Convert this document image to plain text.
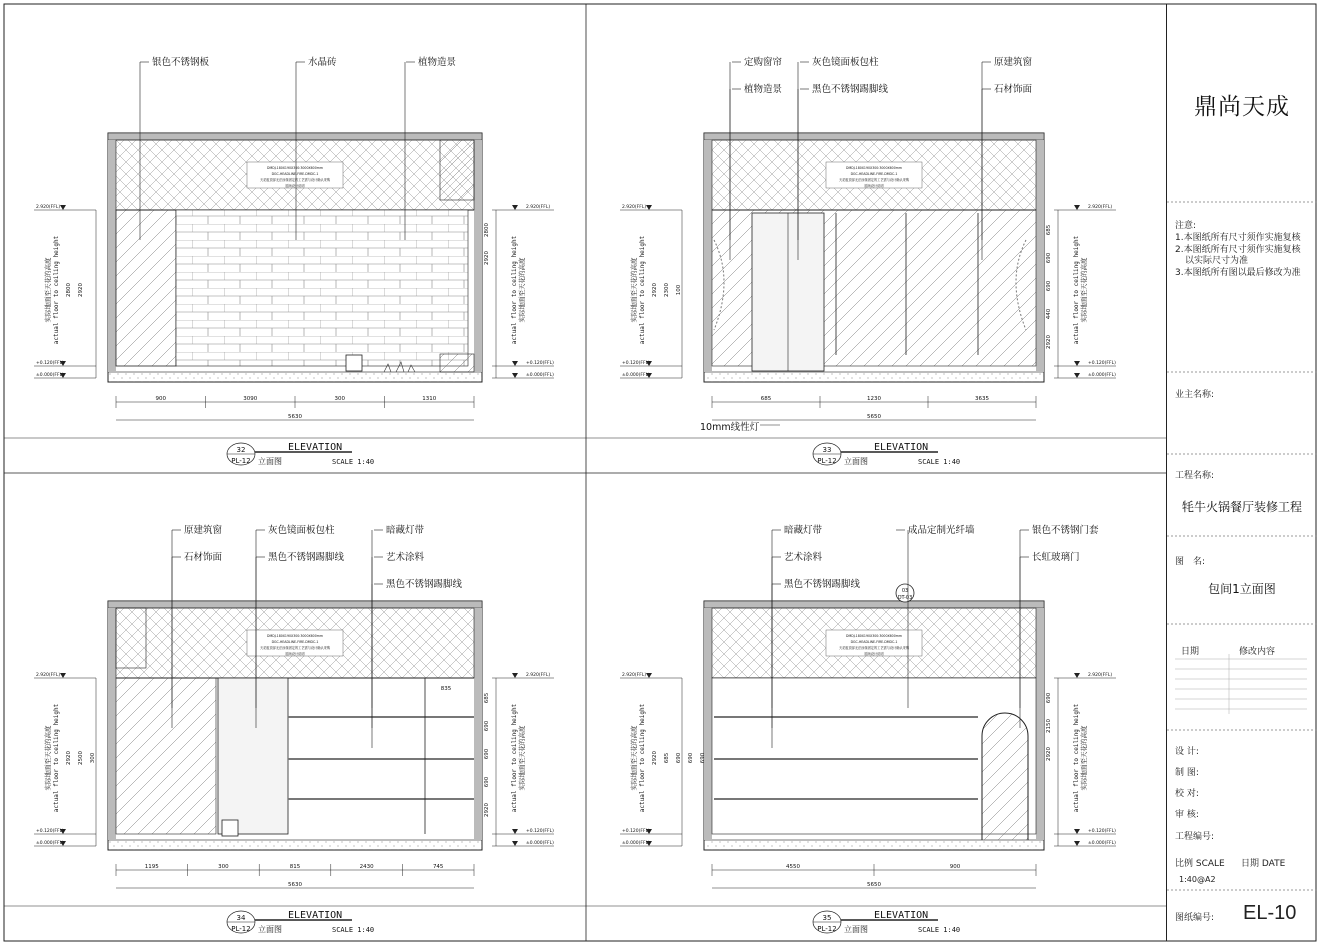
DMDJ-180X190X300:3000X600mm
DGC-HEADLINE-FIRE-DMDC-1
天花板顶部无法涂抹固定的工艺需与设计确认采购
剧场设计说明
银色不锈钢板	水晶砖	植物造景
2.920(FFL)	2.920(FFL)
+0.120(FFL)	+0.120(FFL)
±0.000(FFL)	±0.000(FFL)
实际地面至天花的高度 actual floor to ceiling height	actual floor to ceiling height 实际地面至天花的高度
2800 2920
2800
2920
900	3090	300	1310
5630
32
PL-12
ELEVATION
立面图	SCALE 1:40
DMDJ-180X190X300:3000X600mm
DGC-HEADLINE-FIRE-DMDC-1
天花板顶部无法涂抹固定的工艺需与设计确认采购
剧场设计说明
定购窗帘
植物造景
灰色镜面板包柱
黑色不锈钢踢脚线
原建筑窗
石材饰面
10mm线性灯
2.920(FFL)	2.920(FFL)
+0.120(FFL)	+0.120(FFL)
±0.000(FFL)	±0.000(FFL)
实际地面至天花的高度 actual floor to ceiling height	actual floor to ceiling height 实际地面至天花的高度
2920 2300 100
685
690
690
440
2920
685	1230	3635
5650
33
PL-12
ELEVATION
立面图	SCALE 1:40
DMDJ-180X190X300:3000X600mm
DGC-HEADLINE-FIRE-DMDC-1
天花板顶部无法涂抹固定的工艺需与设计确认采购
剧场设计说明
原建筑窗
石材饰面
灰色镜面板包柱
黑色不锈钢踢脚线
暗藏灯带
艺术涂料
黑色不锈钢踢脚线
2.920(FFL)	2.920(FFL)
+0.120(FFL)	+0.120(FFL)
±0.000(FFL)	±0.000(FFL)
实际地面至天花的高度 actual floor to ceiling height	actual floor to ceiling height 实际地面至天花的高度
2920 2500 300
685
690
690
690
2920
1195	300	815	2430	745
5630
835
34
PL-12
ELEVATION
立面图	SCALE 1:40
DMDJ-180X190X300:3000X600mm
DGC-HEADLINE-FIRE-DMDC-1
天花板顶部无法涂抹固定的工艺需与设计确认采购
剧场设计说明
03
DT-03
暗藏灯带
艺术涂料
黑色不锈钢踢脚线
成品定制光纤墙	银色不锈钢门套
长虹玻璃门
2.920(FFL)	2.920(FFL)
+0.120(FFL)	+0.120(FFL)
±0.000(FFL)	±0.000(FFL)
实际地面至天花的高度 actual floor to ceiling height	actual floor to ceiling height 实际地面至天花的高度
2920 685 690 690 690
690
2150
2920
4550	900
5650
35
PL-12
ELEVATION
立面图	SCALE 1:40
鼎尚天成
注意:
1.本图纸所有尺寸须作实施复核
2.本图纸所有尺寸须作实施复核
以实际尺寸为准
3.本图纸所有图以最后修改为准
业主名称:
工程名称:
牦牛火锅餐厅装修工程
图　名:
包间1立面图
日期	修改内容
设 计:
制 图:
校 对:
审 核:
工程编号:
比例 SCALE 日期 DATE
1:40@A2
图纸编号: EL-10
